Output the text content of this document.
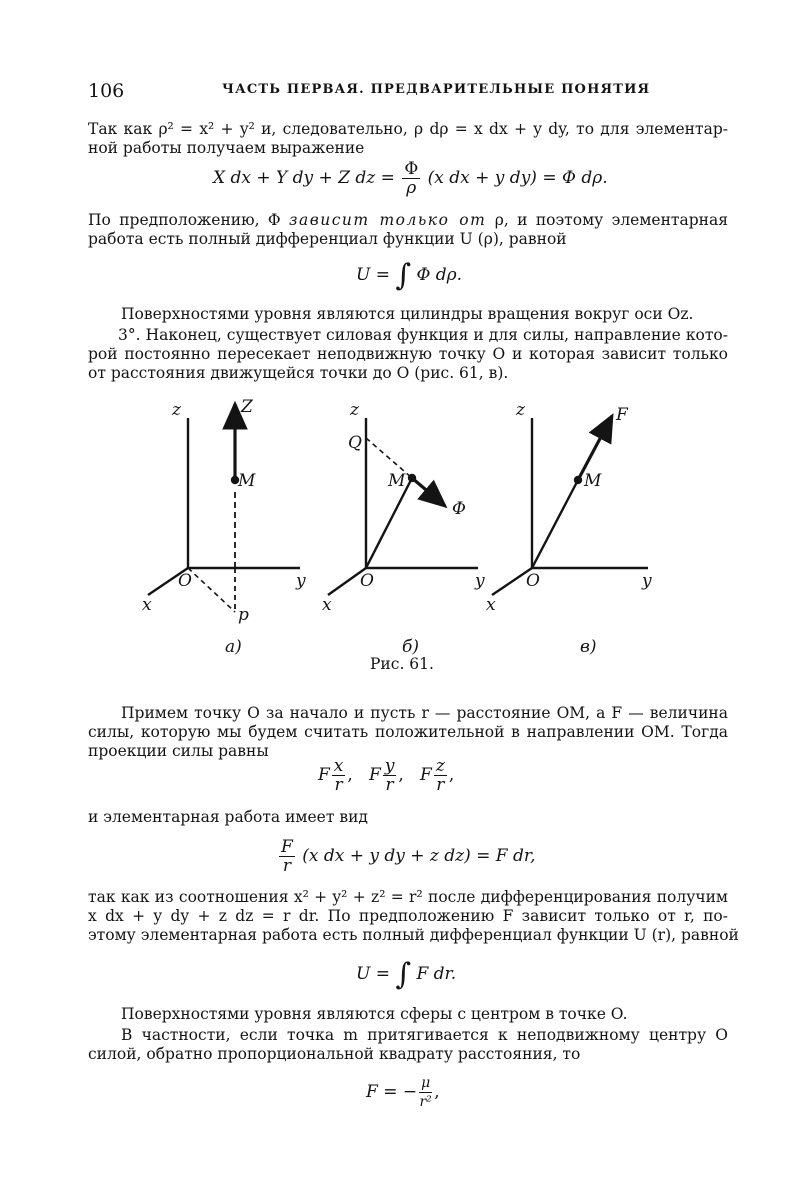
106	ЧАСТЬ ПЕРВАЯ. ПРЕДВАРИТЕЛЬНЫЕ ПОНЯТИЯ
Так как ρ² = x² + y² и, следовательно, ρ dρ = x dx + y dy, то для элементар-
ной работы получаем выражение
X dx + Y dy + Z dz = $\frac{\Phi}{\rho} (x$ dx + y dy) = Φ dρ.
По предположению, Φ зависит только от ρ, и поэтому элементарная
работа есть полный дифференциал функции U (ρ), равной
U = ∫ Φ dρ.
Поверхностями уровня являются цилиндры вращения вокруг оси Oz.
3°. Наконец, существует силовая функция и для силы, направление кото-
рой постоянно пересекает неподвижную точку O и которая зависит только
от расстояния движущейся точки до O (рис. 61, в).
z	Z
M
O	y
x	p
а)
z
Q
M
Φ
O	y
x
б)
z	F
M
O	y
x
в)
Рис. 61.
Примем точку O за начало и пусть r — расстояние OM, а F — величина
силы, которую мы будем считать положительной в направлении OM. Тогда
проекции силы равны
F $\frac{x}{r}$ , F $\frac{y}{r}$ , F $\frac{z}{r}$ ,
и элементарная работа имеет вид
$\frac{F}{r} (x$ dx + y dy + z dz) = F dr,
так как из соотношения x² + y² + z² = r² после дифференцирования получим
x dx + y dy + z dz = r dr. По предположению F зависит только от r, по-
этому элементарная работа есть полный дифференциал функции U (r), равной
U = ∫ F dr.
Поверхностями уровня являются сферы с центром в точке O.
В частности, если точка m притягивается к неподвижному центру O
силой, обратно пропорциональной квадрату расстояния, то
F = − $\frac{\mu}{\text{r²}}$ ,
